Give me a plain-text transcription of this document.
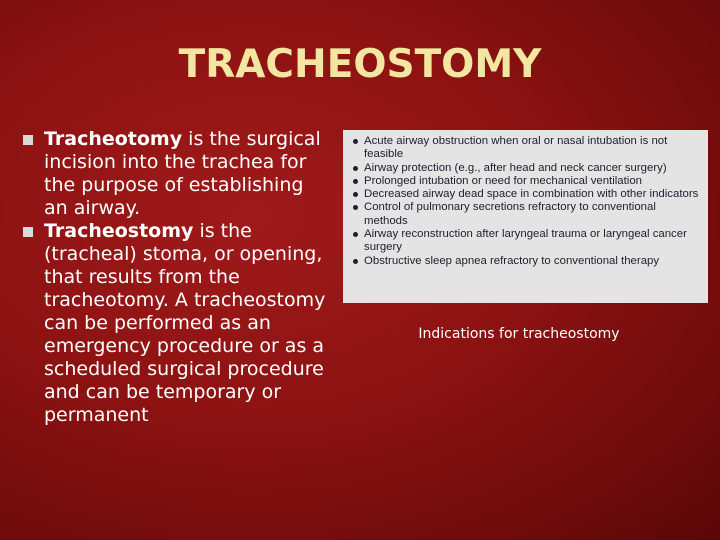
TRACHEOSTOMY
Tracheotomy is the surgical incision into the trachea for the purpose of establishing an airway.
Tracheostomy is the (tracheal) stoma, or opening, that results from the tracheotomy. A tracheostomy can be performed as an emergency procedure or as a scheduled surgical procedure and can be temporary or permanent
Acute airway obstruction when oral or nasal intubation is not feasible
Airway protection (e.g., after head and neck cancer surgery)
Prolonged intubation or need for mechanical ventilation
Decreased airway dead space in combination with other indicators
Control of pulmonary secretions refractory to conventional methods
Airway reconstruction after laryngeal trauma or laryngeal cancer surgery
Obstructive sleep apnea refractory to conventional therapy
Indications for tracheostomy
